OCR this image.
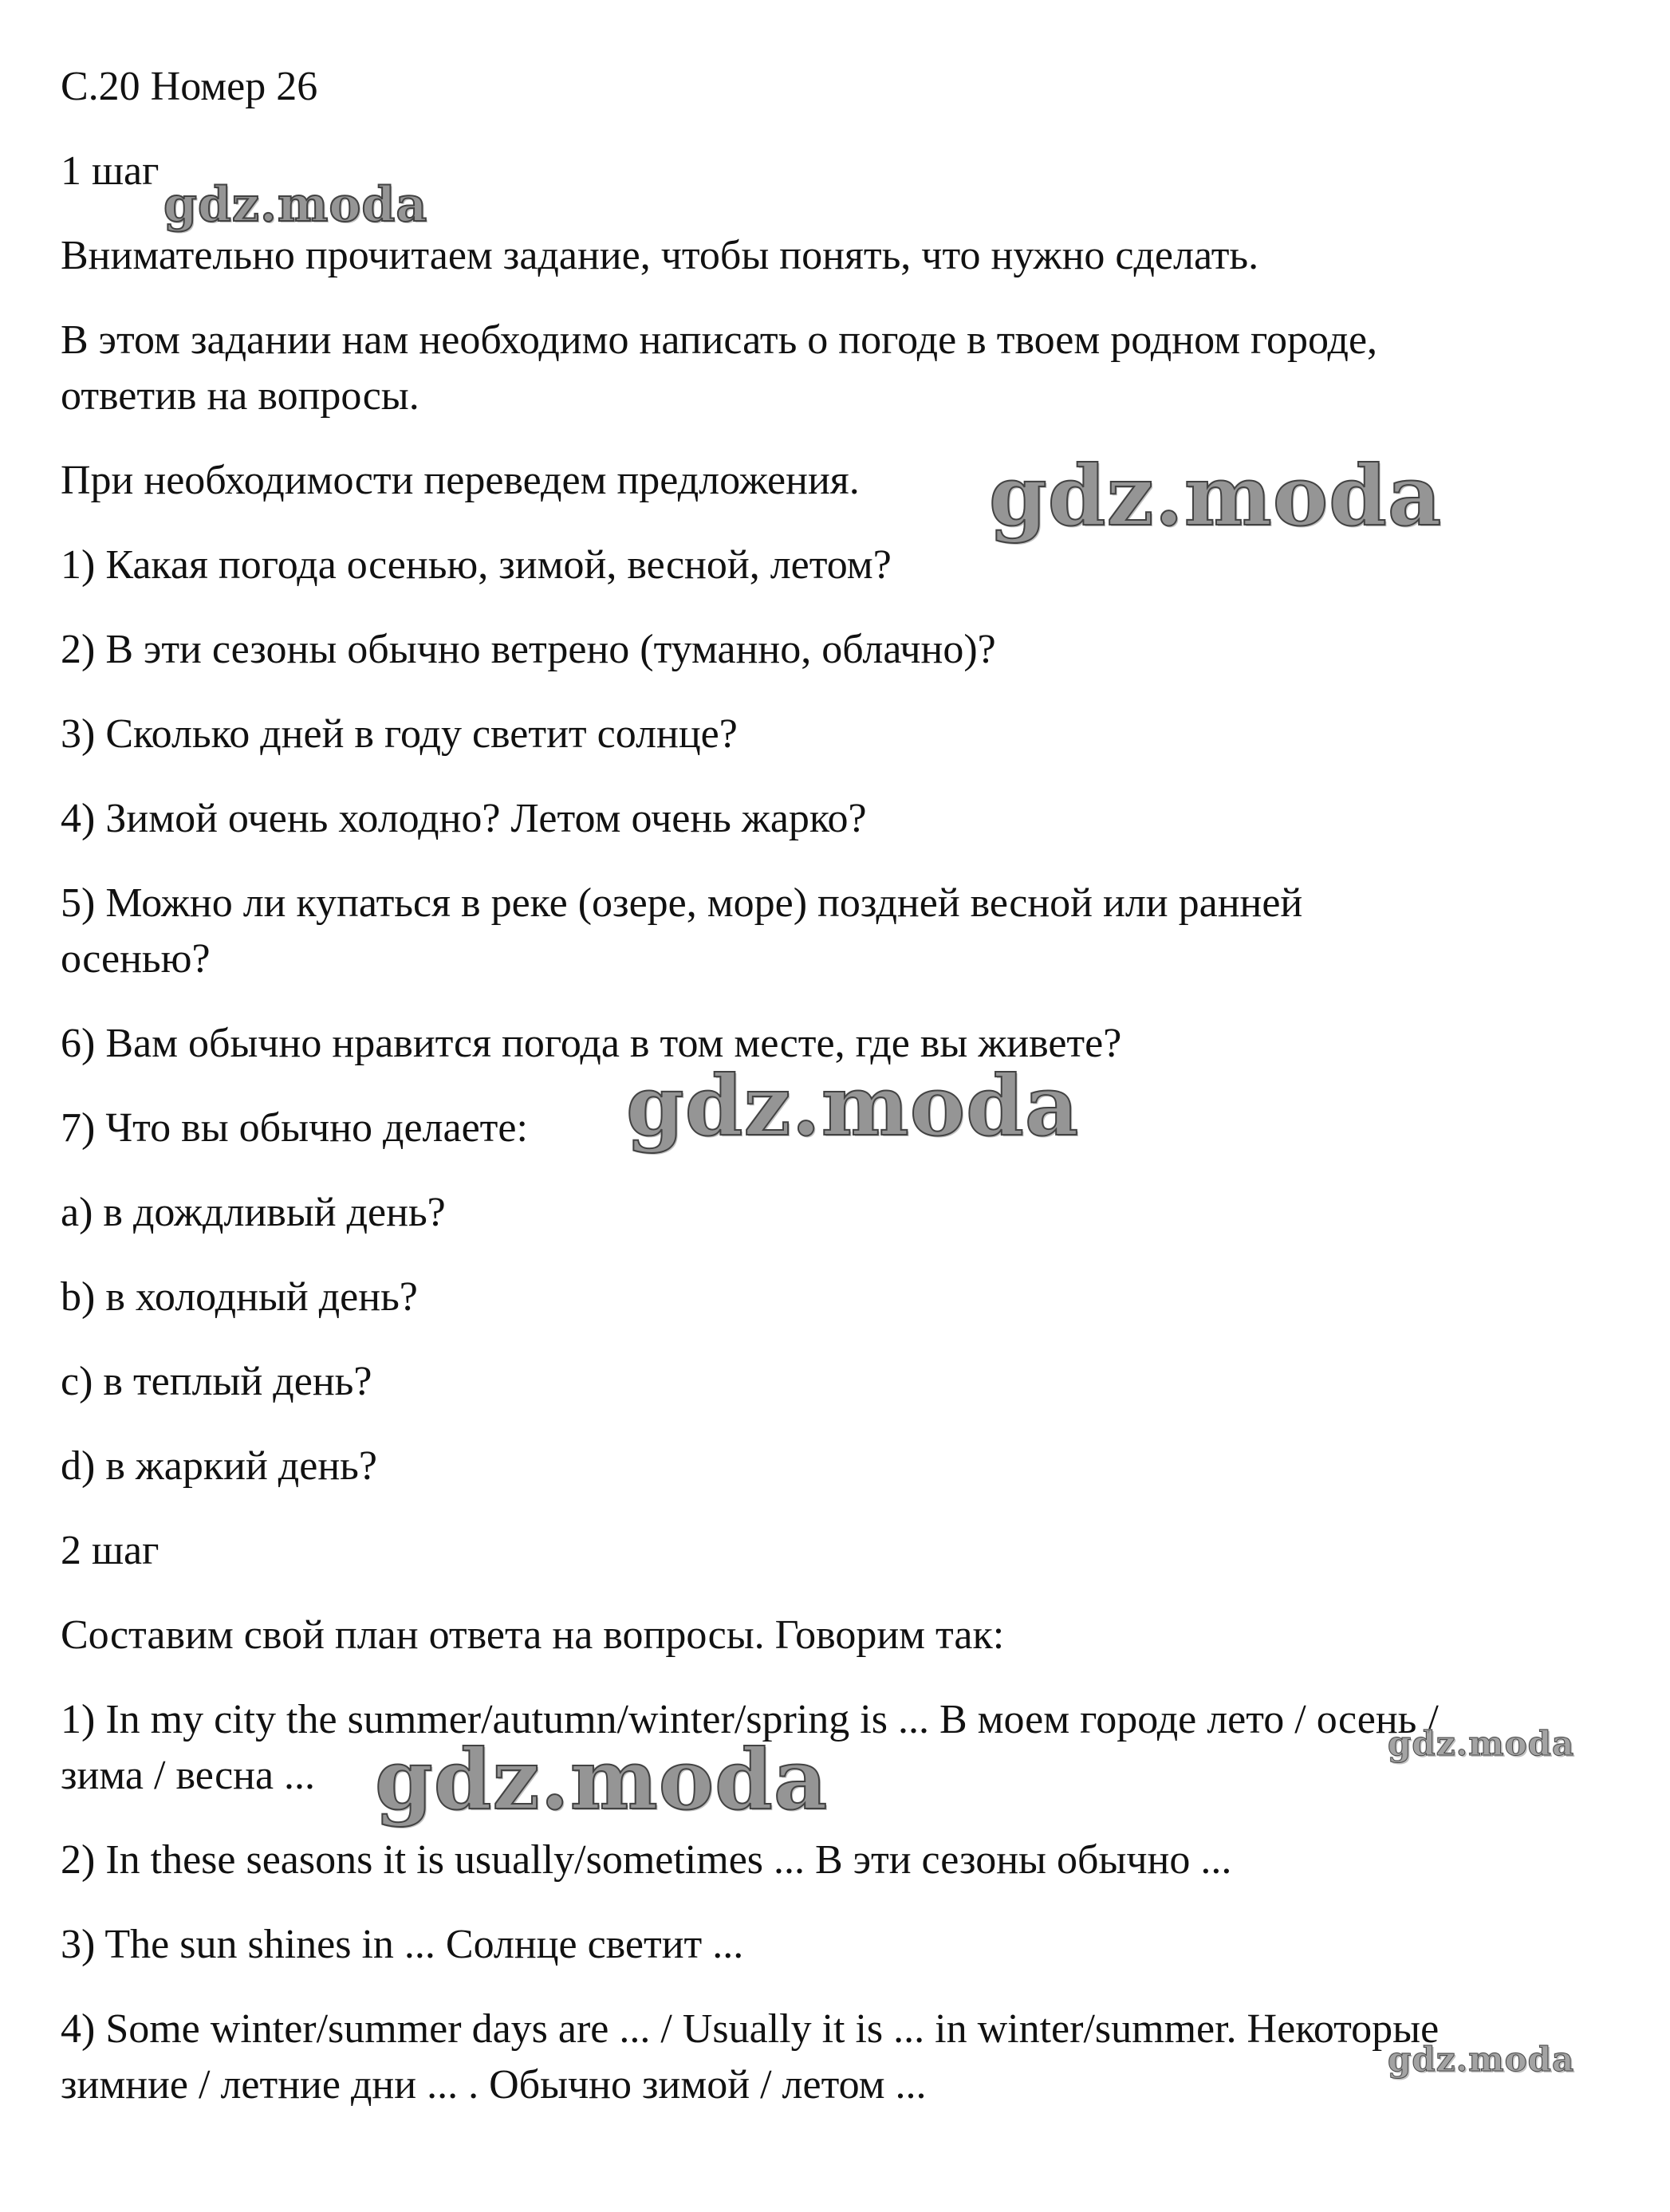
С.20 Номер 26
1 шаг
Внимательно прочитаем задание, чтобы понять, что нужно сделать.
В этом задании нам необходимо написать о погоде в твоем родном городе,
ответив на вопросы.
При необходимости переведем предложения.
1) Какая погода осенью, зимой, весной, летом?
2) В эти сезоны обычно ветрено (туманно, облачно)?
3) Сколько дней в году светит солнце?
4) Зимой очень холодно? Летом очень жарко?
5) Можно ли купаться в реке (озере, море) поздней весной или ранней
осенью?
6) Вам обычно нравится погода в том месте, где вы живете?
7) Что вы обычно делаете:
a) в дождливый день?
b) в холодный день?
c) в теплый день?
d) в жаркий день?
2 шаг
Составим свой план ответа на вопросы. Говорим так:
1) In my city the summer/autumn/winter/spring is ... В моем городе лето / осень /
зима / весна ...
2) In these seasons it is usually/sometimes ... В эти сезоны обычно ...
3) The sun shines in ... Солнце светит ...
4) Some winter/summer days are ... / Usually it is ... in winter/summer. Некоторые
зимние / летние дни ... . Обычно зимой / летом ...
gdz.moda
gdz.moda
gdz.moda
gdz.moda	gdz.moda
gdz.moda
